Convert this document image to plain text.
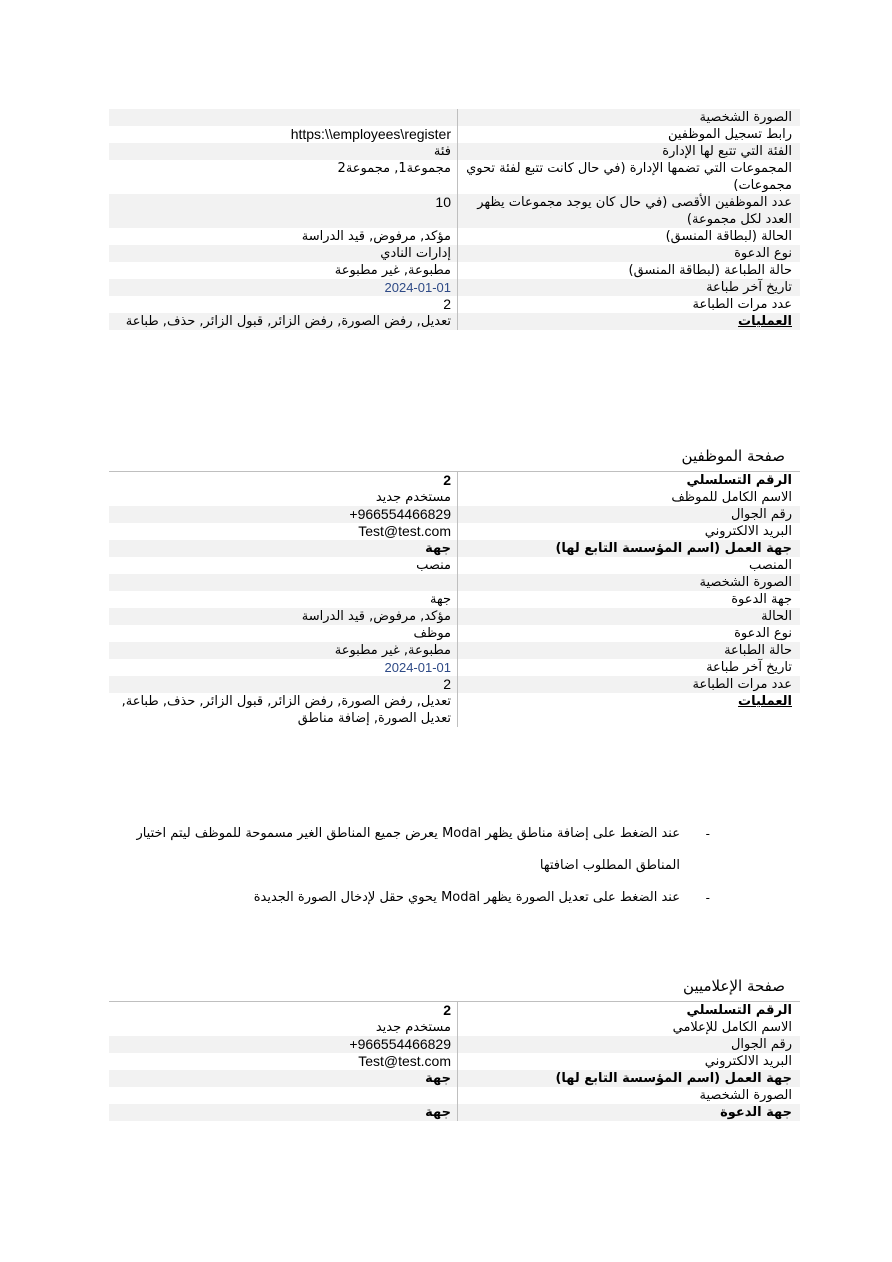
	الصورة الشخصية
https:\\employees\register	رابط تسجيل الموظفين
فئة	الفئة التي تتبع لها الإدارة
مجموعة1, مجموعة2	المجموعات التي تضمها الإدارة (في حال كانت تتبع لفئة تحوي مجموعات)
10	عدد الموظفين الأقصى (في حال كان يوجد مجموعات يظهر العدد لكل مجموعة)
مؤكد, مرفوض, قيد الدراسة	الحالة (لبطاقة المنسق)
إدارات النادي	نوع الدعوة
مطبوعة, غير مطبوعة	حالة الطباعة (لبطاقة المنسق)
2024-01-01	تاريخ آخر طباعة
2	عدد مرات الطباعة
تعديل, رفض الصورة, رفض الزائر, قبول الزائر, حذف, طباعة	العمليات
صفحة الموظفين
2	الرقم التسلسلي
مستخدم جديد	الاسم الكامل للموظف
+966554466829	رقم الجوال
Test@test.com	البريد الالكتروني
جهة	جهة العمل (اسم المؤسسة التابع لها)
منصب	المنصب
	الصورة الشخصية
جهة	جهة الدعوة
مؤكد, مرفوض, قيد الدراسة	الحالة
موظف	نوع الدعوة
مطبوعة, غير مطبوعة	حالة الطباعة
2024-01-01	تاريخ آخر طباعة
2	عدد مرات الطباعة
تعديل, رفض الصورة, رفض الزائر, قبول الزائر, حذف, طباعة, تعديل الصورة, إضافة مناطق	العمليات
-
عند الضغط على إضافة مناطق يظهر Modal يعرض جميع المناطق الغير مسموحة للموظف ليتم اختيار المناطق المطلوب اضافتها
-
عند الضغط على تعديل الصورة يظهر Modal يحوي حقل لإدخال الصورة الجديدة
صفحة الإعلاميين
2	الرقم التسلسلي
مستخدم جديد	الاسم الكامل للإعلامي
+966554466829	رقم الجوال
Test@test.com	البريد الالكتروني
جهة	جهة العمل (اسم المؤسسة التابع لها)
	الصورة الشخصية
جهة	جهة الدعوة
